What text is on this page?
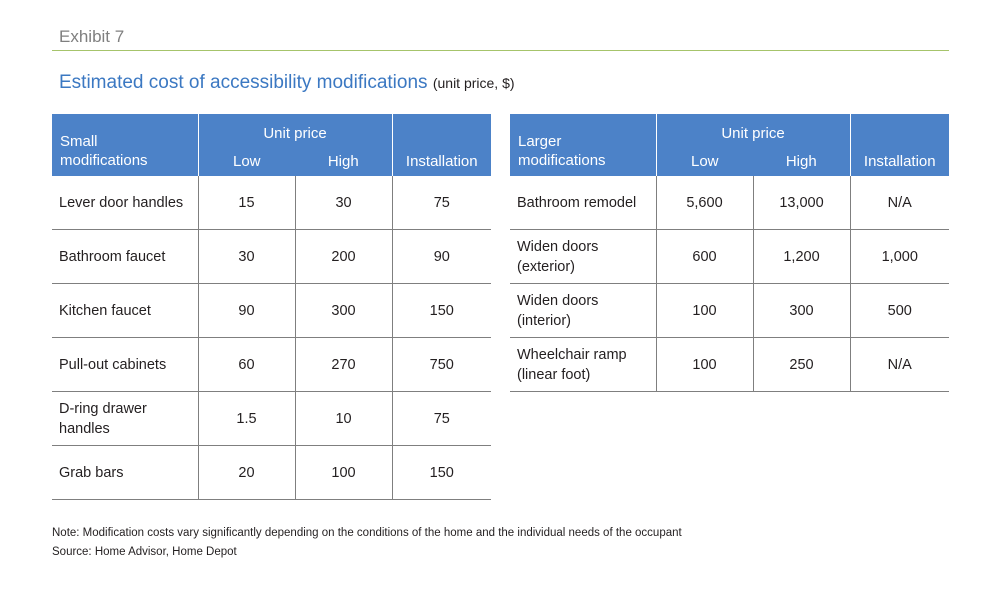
Exhibit 7
Estimated cost of accessibility modifications (unit price, $)
Small
modifications	Unit price		Installation
	Low	High	
Lever door handles	15	30	75
Bathroom faucet	30	200	90
Kitchen faucet	90	300	150
Pull-out cabinets	60	270	750
D-ring drawer
handles	1.5	10	75
Grab bars	20	100	150
Larger
modifications	Unit price		Installation
	Low	High	
Bathroom remodel	5,600	13,000	N/A
Widen doors
(exterior)	600	1,200	1,000
Widen doors
(interior)	100	300	500
Wheelchair ramp
(linear foot)	100	250	N/A
Note: Modification costs vary significantly depending on the conditions of the home and the individual needs of the occupant
Source: Home Advisor, Home Depot
